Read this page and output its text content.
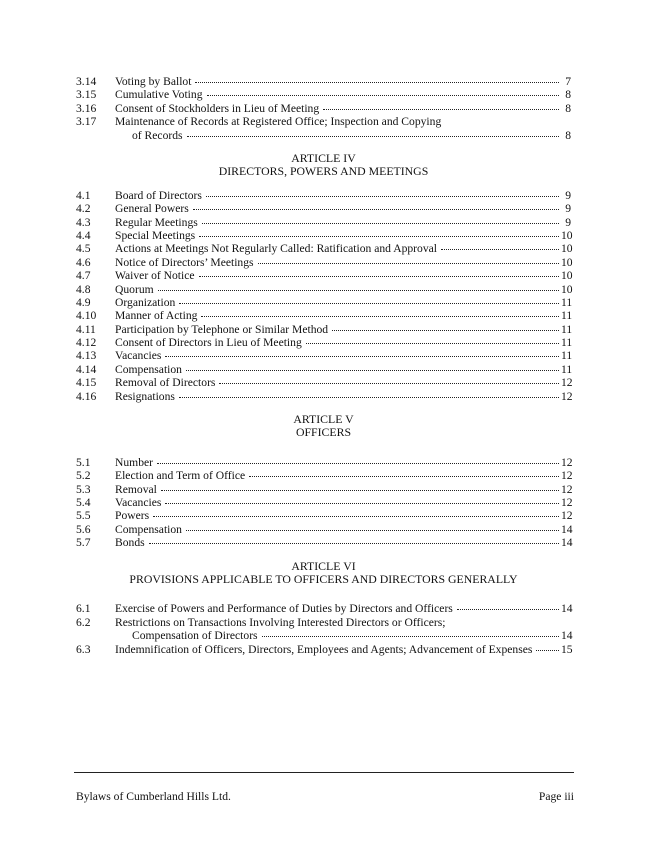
3.14	Voting by Ballot	7
3.15	Cumulative Voting	8
3.16	Consent of Stockholders in Lieu of Meeting	8
3.17	Maintenance of Records at Registered Office; Inspection and Copying
of Records	8
ARTICLE IV
DIRECTORS, POWERS AND MEETINGS
4.1	Board of Directors	9
4.2	General Powers	9
4.3	Regular Meetings	9
4.4	Special Meetings	10
4.5	Actions at Meetings Not Regularly Called: Ratification and Approval	10
4.6	Notice of Directors’ Meetings	10
4.7	Waiver of Notice	10
4.8	Quorum	10
4.9	Organization	11
4.10	Manner of Acting	11
4.11	Participation by Telephone or Similar Method	11
4.12	Consent of Directors in Lieu of Meeting	11
4.13	Vacancies	11
4.14	Compensation	11
4.15	Removal of Directors	12
4.16	Resignations	12
ARTICLE V
OFFICERS
5.1	Number	12
5.2	Election and Term of Office	12
5.3	Removal	12
5.4	Vacancies	12
5.5	Powers	12
5.6	Compensation	14
5.7	Bonds	14
ARTICLE VI
PROVISIONS APPLICABLE TO OFFICERS AND DIRECTORS GENERALLY
6.1	Exercise of Powers and Performance of Duties by Directors and Officers	14
6.2	Restrictions on Transactions Involving Interested Directors or Officers;
Compensation of Directors	14
6.3	Indemnification of Officers, Directors, Employees and Agents; Advancement of Expenses 15
Bylaws of Cumberland Hills Ltd.	Page iii
